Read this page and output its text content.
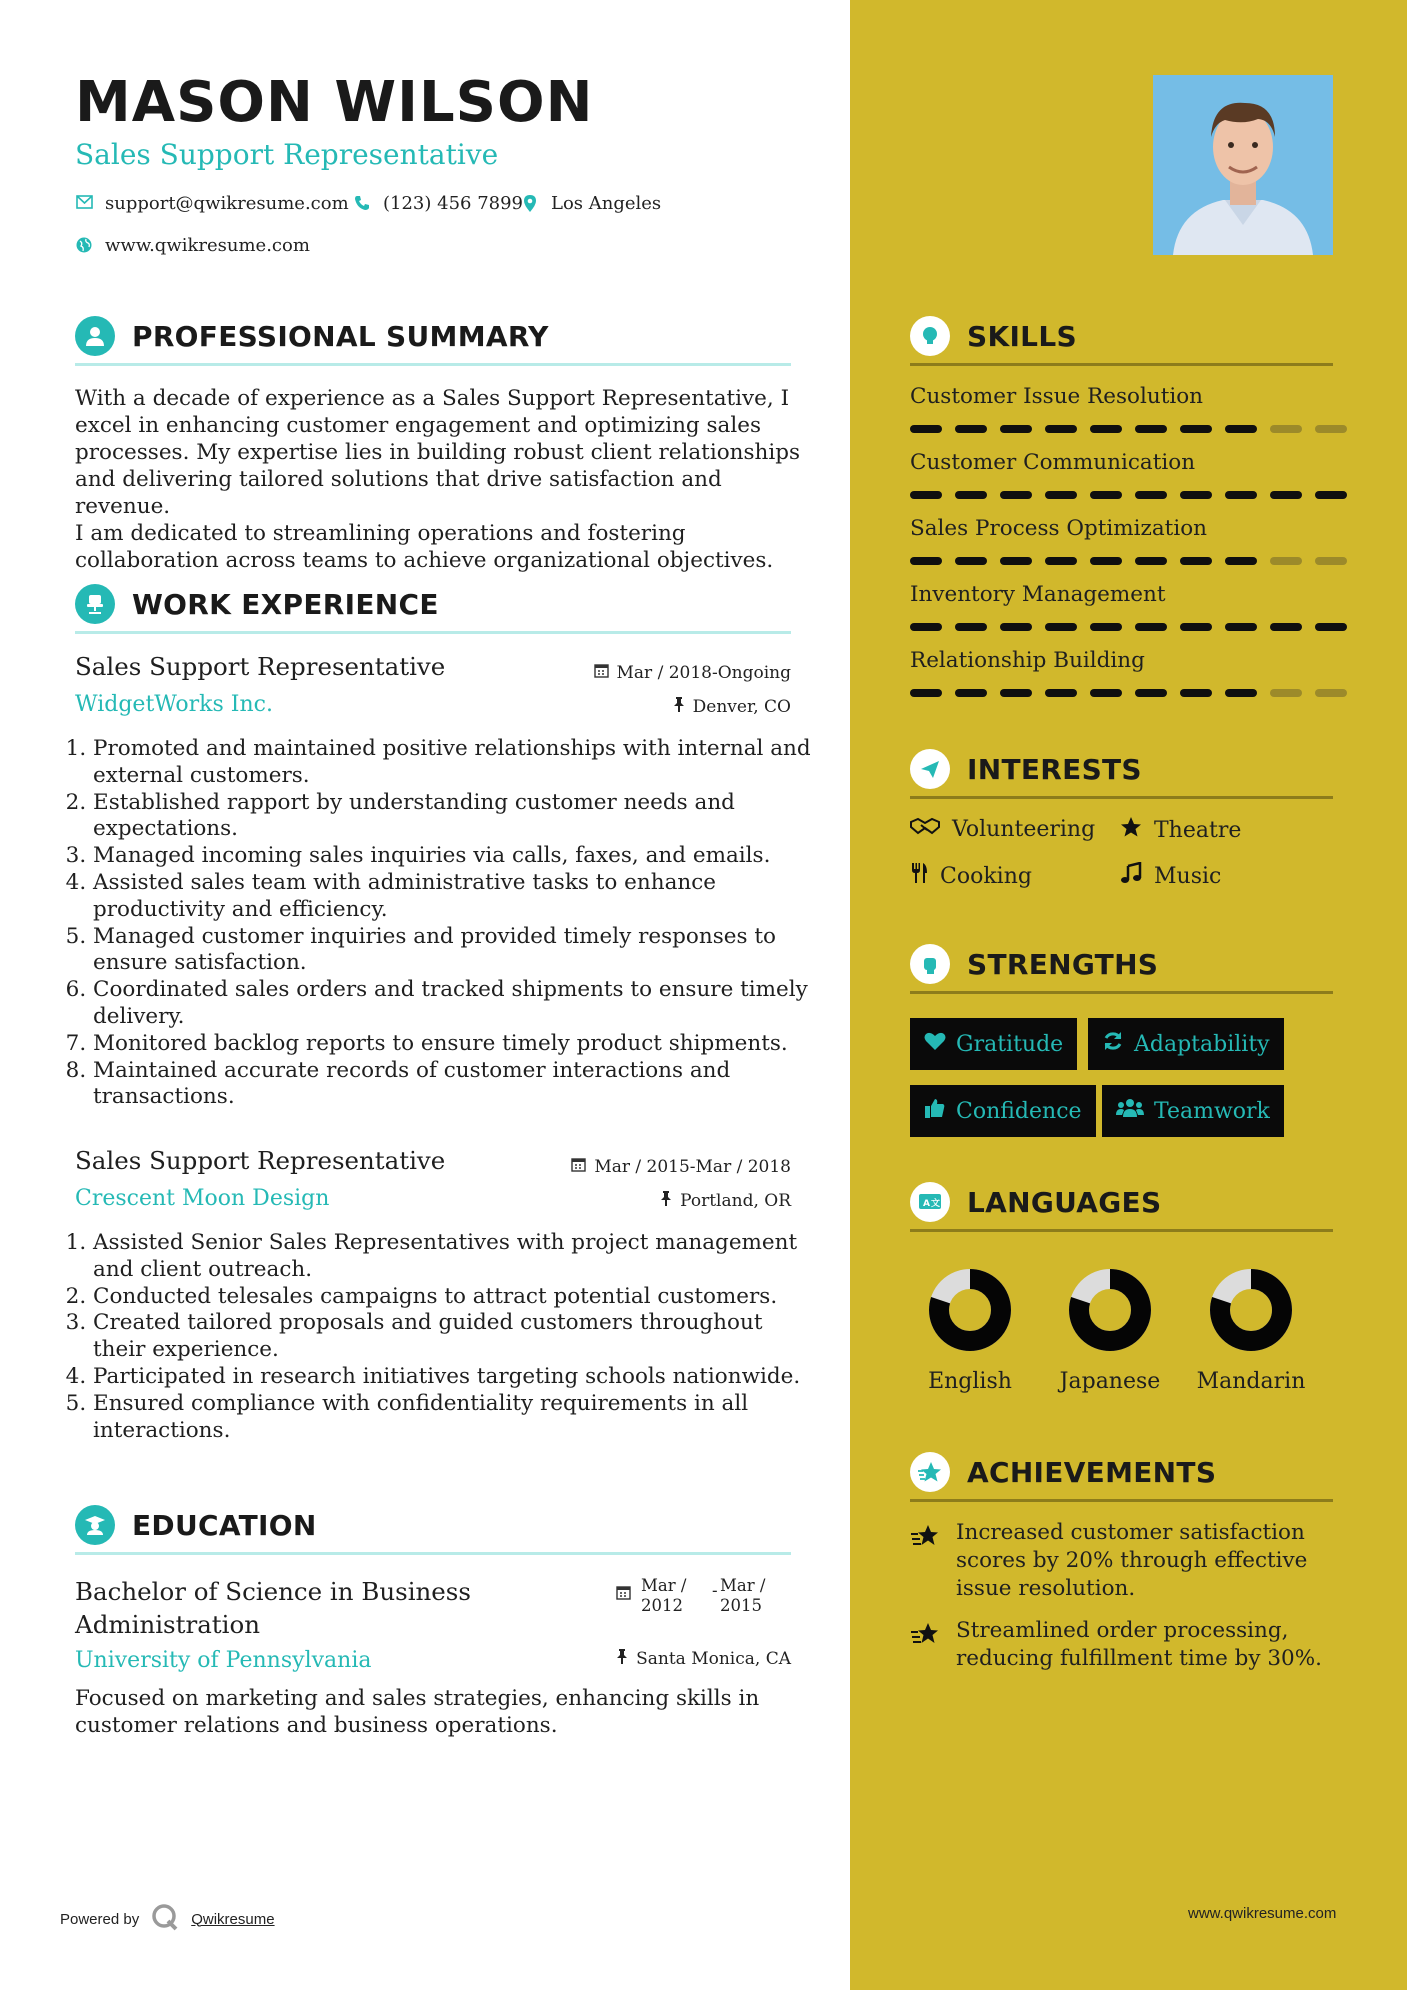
MASON WILSON
Sales Support Representative
support@qwikresume.com (123) 456 7899 Los Angeles
www.qwikresume.com
PROFESSIONAL SUMMARY
With a decade of experience as a Sales Support Representative, I
excel in enhancing customer engagement and optimizing sales
processes. My expertise lies in building robust client relationships
and delivering tailored solutions that drive satisfaction and revenue.
I am dedicated to streamlining operations and fostering
collaboration across teams to achieve organizational objectives.
WORK EXPERIENCE
Sales Support Representative	Mar / 2018-Ongoing
WidgetWorks Inc.	Denver, CO
1. Promoted and maintained positive relationships with internal and external customers.
2. Established rapport by understanding customer needs and expectations.
3. Managed incoming sales inquiries via calls, faxes, and emails.
4. Assisted sales team with administrative tasks to enhance productivity and efficiency.
5. Managed customer inquiries and provided timely responses to ensure satisfaction.
6. Coordinated sales orders and tracked shipments to ensure timely delivery.
7. Monitored backlog reports to ensure timely product shipments.
8. Maintained accurate records of customer interactions and transactions.
Sales Support Representative	Mar / 2015-Mar / 2018
Crescent Moon Design	Portland, OR
1. Assisted Senior Sales Representatives with project management and client outreach.
2. Conducted telesales campaigns to attract potential customers.
3. Created tailored proposals and guided customers throughout their experience.
4. Participated in research initiatives targeting schools nationwide.
5. Ensured compliance with confidentiality requirements in all interactions.
EDUCATION
Bachelor of Science in Business
Administration
Mar /
2012
- Mar /
2015
University of Pennsylvania	Santa Monica, CA
Focused on marketing and sales strategies, enhancing skills in
customer relations and business operations.
Powered by	Qwikresume
SKILLS
Customer Issue Resolution
Customer Communication
Sales Process Optimization
Inventory Management
Relationship Building
INTERESTS
Volunteering	Theatre
Cooking	Music
STRENGTHS
Gratitude	Adaptability
Confidence	Teamwork
A 文 LANGUAGES
English	Japanese	Mandarin
ACHIEVEMENTS
Increased customer satisfaction
scores by 20% through effective
issue resolution.
Streamlined order processing,
reducing fulfillment time by 30%.
www.qwikresume.com
